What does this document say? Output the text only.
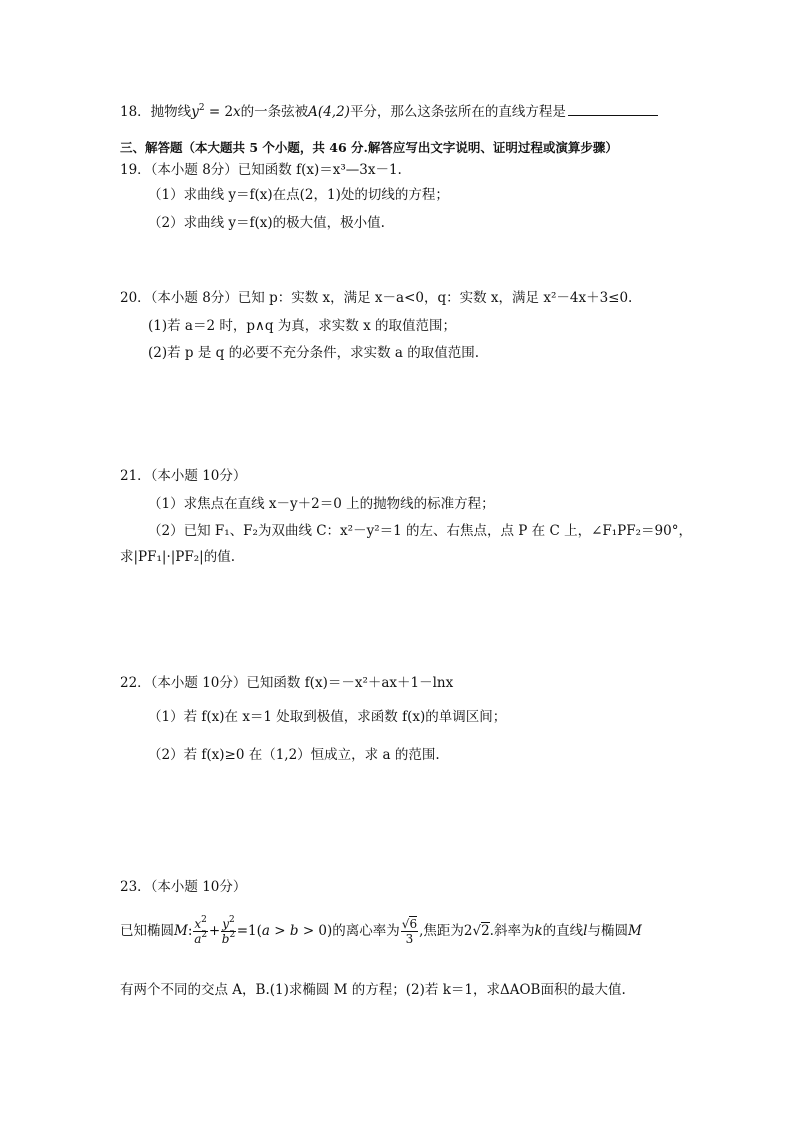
18．抛物线$y^2 = 2x$的一条弦被A(4,2)平分，那么这条弦所在的直线方程是
三、解答题（本大题共 5 个小题，共 46 分.解答应写出文字说明、证明过程或演算步骤）
19．（本小题 8分）已知函数 f(x)＝x³—3x－1.
（1）求曲线 y＝f(x)在点(2，1)处的切线的方程；
（2）求曲线 y＝f(x)的极大值，极小值.
20．（本小题 8分）已知 p：实数 x，满足 x－a<0，q：实数 x，满足 x²－4x＋3≤0.
(1)若 a＝2 时，p∧q 为真，求实数 x 的取值范围；
(2)若 p 是 q 的必要不充分条件，求实数 a 的取值范围.
21．（本小题 10分）
（1）求焦点在直线 x－y＋2＝0 上的抛物线的标准方程；
（2）已知 F₁、F₂为双曲线 C：x²－y²＝1 的左、右焦点，点 P 在 C 上，∠F₁PF₂＝90°，
求|PF₁|·|PF₂|的值.
22．（本小题 10分）已知函数 f(x)＝－x²＋ax＋1－lnx
（1）若 f(x)在 x＝1 处取到极值，求函数 f(x)的单调区间；
（2）若 f(x)≥0 在（1,2）恒成立，求 a 的范围.
23．（本小题 10分）
已知椭圆M: $\frac{x^2}{a^2} + \frac{y^2}{b^2} =1(a > b > 0)$的离心率为 $\frac{√6}{3}$ ,焦距为2√2.斜率为k的直线l与椭圆M
有两个不同的交点 A，B.(1)求椭圆 M 的方程；(2)若 k＝1，求ΔAOB面积的最大值.
